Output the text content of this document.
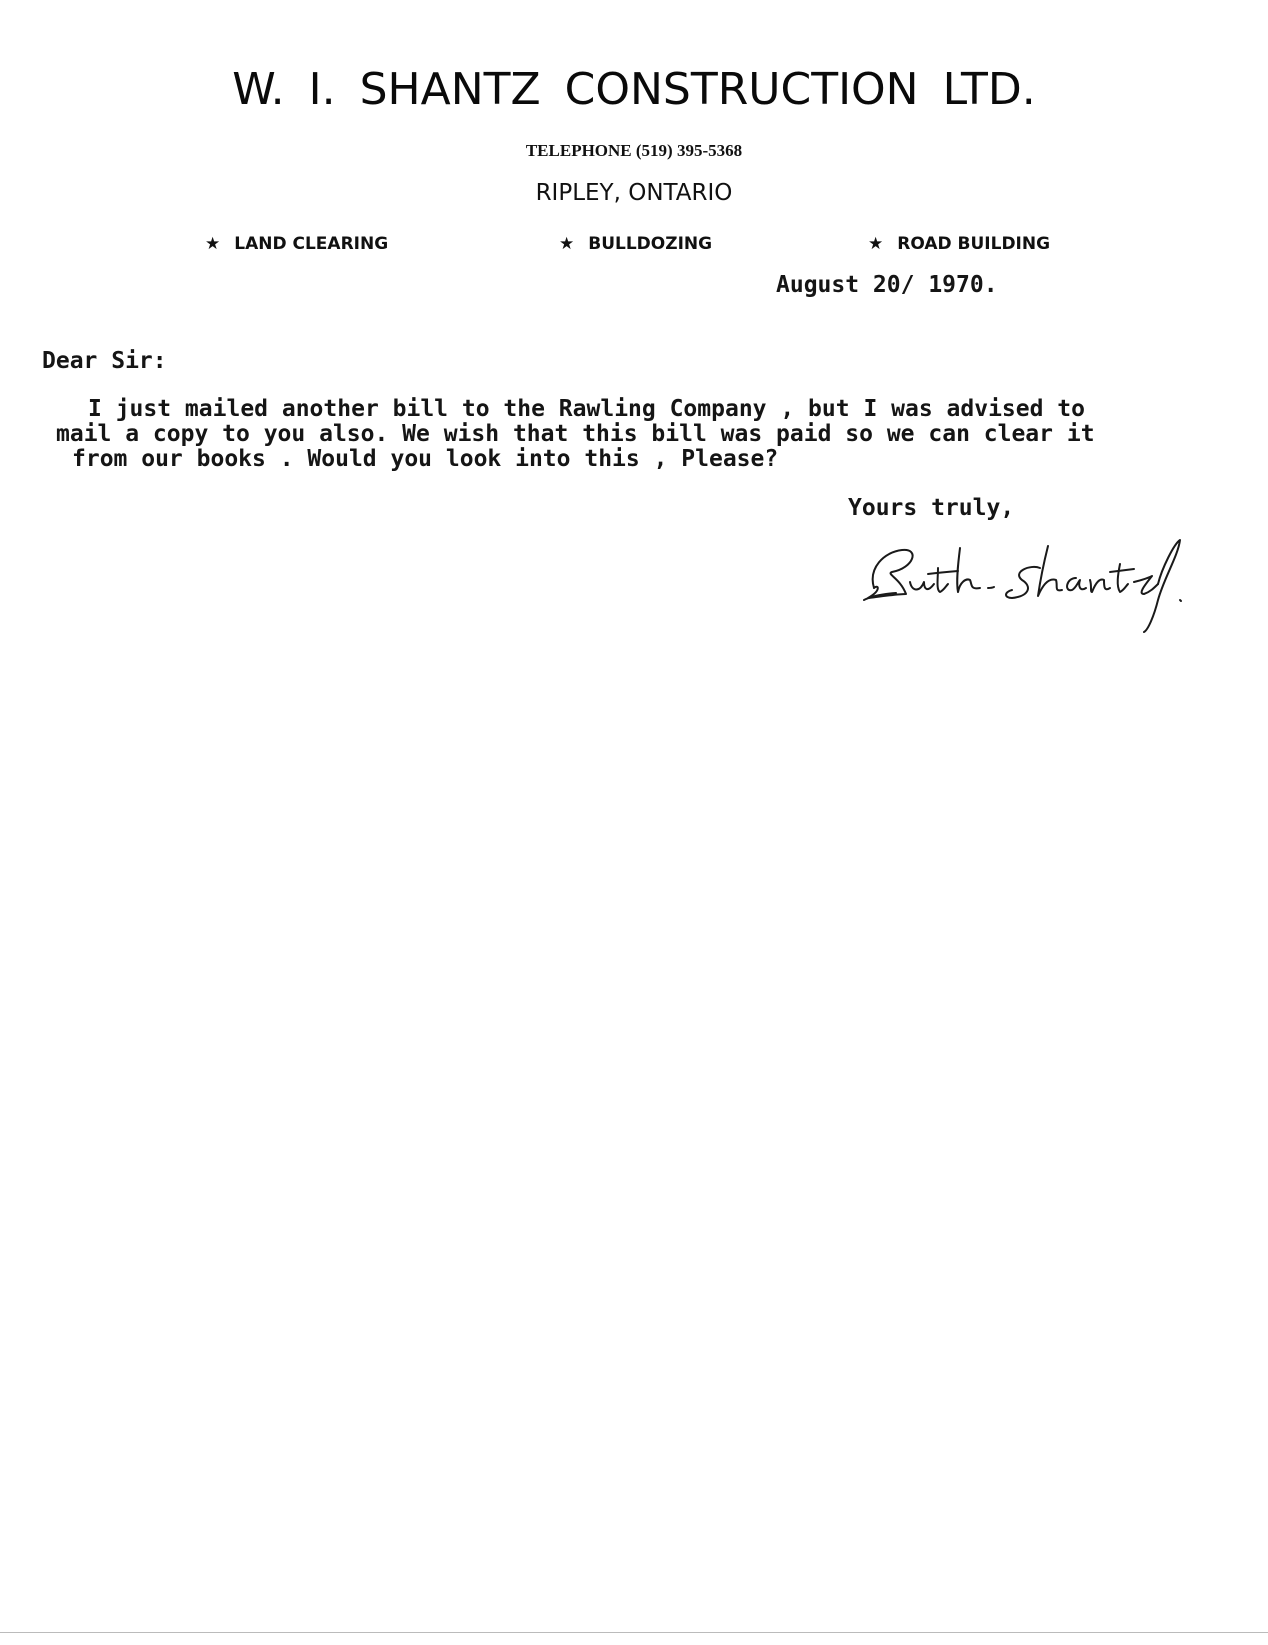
W. I. SHANTZ CONSTRUCTION LTD.
TELEPHONE (519) 395-5368
RIPLEY, ONTARIO
★ LAND CLEARING	★ BULLDOZING	★ ROAD BUILDING
August 20/ 1970.
Dear Sir:
I just mailed another bill to the Rawling Company , but I was advised to
mail a copy to you also. We wish that this bill was paid so we can clear it
from our books . Would you look into this , Please?
Yours truly,
